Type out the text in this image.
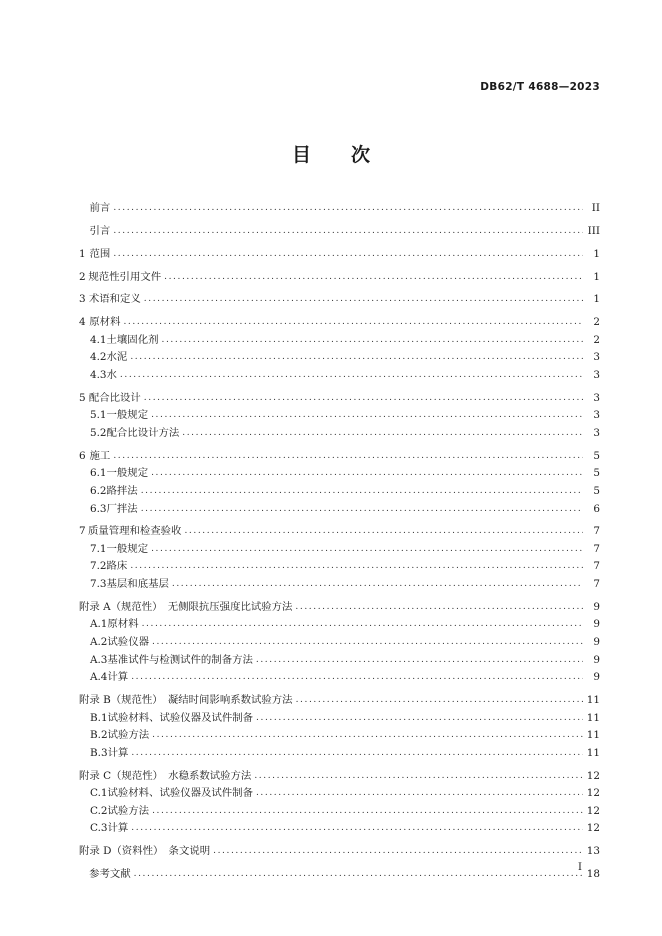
DB62/T 4688—2023
目 次
前言 .....	II
引言 .....	III
1 范围 .....	1
2 规范性引用文件 .....	1
3 术语和定义 .....	1
4 原材料 .....	2
4.1 土壤固化剂 .....	2
4.2 水泥 .....	3
4.3 水 .....	3
5 配合比设计 .....	3
5.1 一般规定 .....	3
5.2 配合比设计方法 .....	3
6 施工 .....	5
6.1 一般规定 .....	5
6.2 路拌法 .....	5
6.3 厂拌法 .....	6
7 质量管理和检查验收 .....	7
7.1 一般规定 .....	7
7.2 路床 .....	7
7.3 基层和底基层 .....	7
附录 A（规范性）　无侧限抗压强度比试验方法 .....	9
A.1 原材料 .....	9
A.2 试验仪器 .....	9
A.3 基准试件与检测试件的制备方法 .....	9
A.4 计算 .....	9
附录 B（规范性）　凝结时间影响系数试验方法 .....	11
B.1 试验材料、试验仪器及试件制备 .....	11
B.2 试验方法 .....	11
B.3 计算 .....	11
附录 C（规范性）　水稳系数试验方法 .....	12
C.1 试验材料、试验仪器及试件制备 .....	12
C.2 试验方法 .....	12
C.3 计算 .....	12
附录 D（资料性）　条文说明 .....	13
参考文献 .....	18
I
